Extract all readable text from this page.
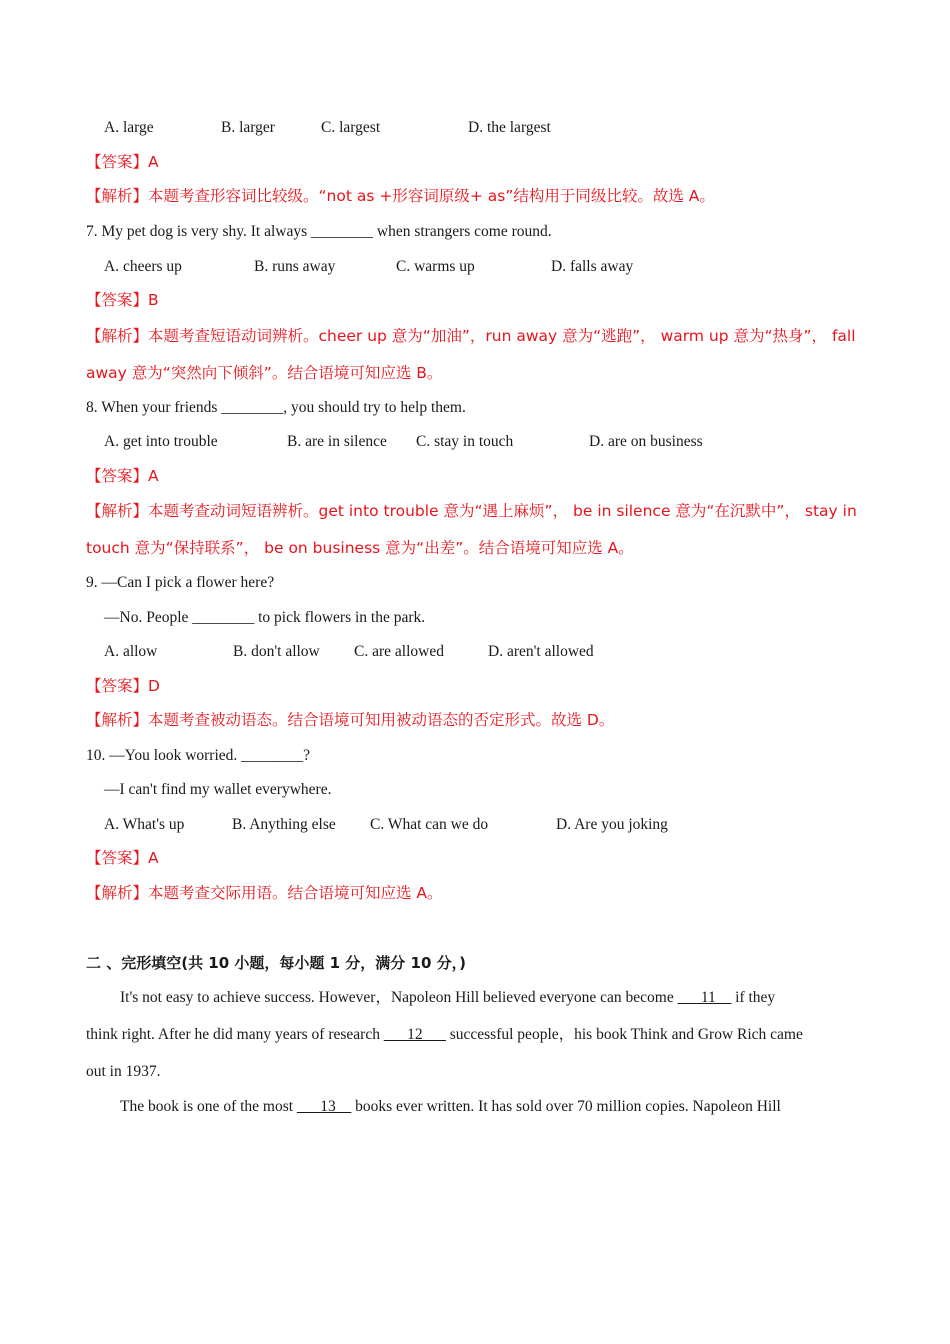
A. large	B. larger	C. largest	D. the largest
【答案】A
【解析】本题考查形容词比较级。“not as +形容词原级+ as”结构用于同级比较。故选 A。
7. My pet dog is very shy. It always ________ when strangers come round.
A. cheers up	B. runs away	C. warms up	D. falls away
【答案】B
【解析】本题考查短语动词辨析。cheer up 意为“加油”，run away 意为“逃跑”， warm up 意为“热身”， fall
away 意为“突然向下倾斜”。结合语境可知应选 B。
8. When your friends ________, you should try to help them.
A. get into trouble	B. are in silence C. stay in touch	D. are on business
【答案】A
【解析】本题考查动词短语辨析。get into trouble 意为“遇上麻烦”， be in silence 意为“在沉默中”， stay in
touch 意为“保持联系”， be on business 意为“出差”。结合语境可知应选 A。
9. —Can I pick a flower here?
—No. People ________ to pick flowers in the park.
A. allow	B. don't allow C. are allowed	D. aren't allowed
【答案】D
【解析】本题考查被动语态。结合语境可知用被动语态的否定形式。故选 D。
10. —You look worried. ________?
—I can't find my wallet everywhere.
A. What's up	B. Anything else C. What can we do	D. Are you joking
【答案】A
【解析】本题考查交际用语。结合语境可知应选 A。
二 、完形填空(共 10 小题，每小题 1 分，满分 10 分，)
It's not easy to achieve success. However，Napoleon Hill believed everyone can become ___11__ if they
think right. After he did many years of research ___12___ successful people，his book Think and Grow Rich came
out in 1937.
The book is one of the most ___13__ books ever written. It has sold over 70 million copies. Napoleon Hill
